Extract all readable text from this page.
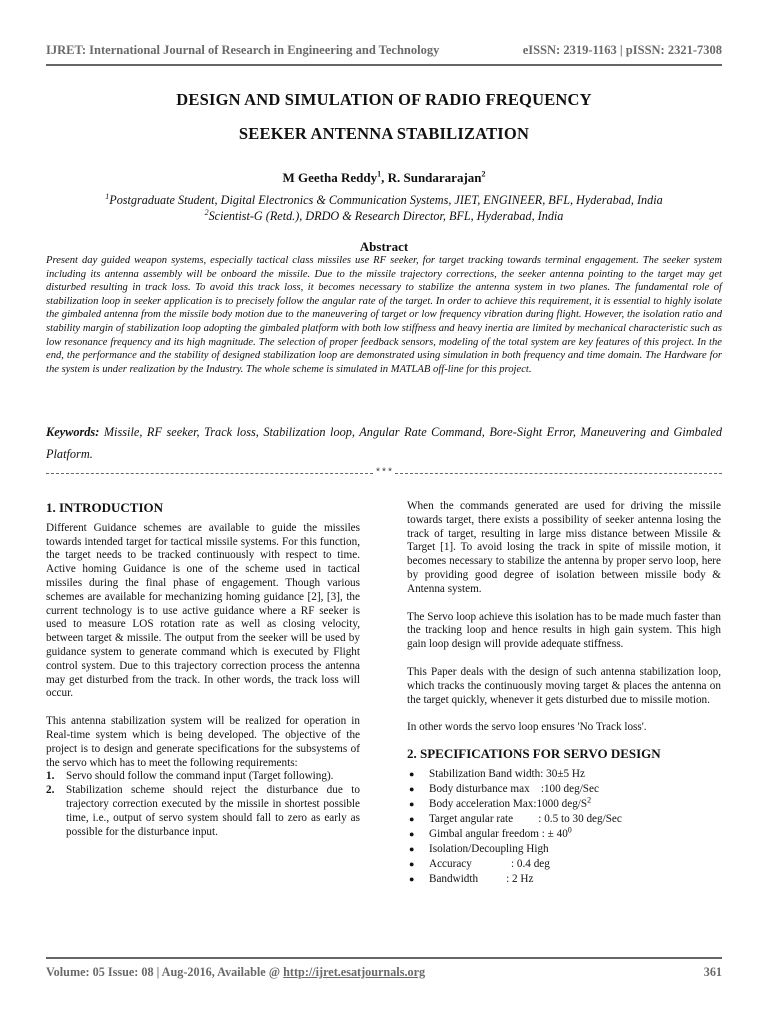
IJRET: International Journal of Research in Engineering and Technology	eISSN: 2319-1163 | pISSN: 2321-7308
DESIGN AND SIMULATION OF RADIO FREQUENCY
SEEKER ANTENNA STABILIZATION
M Geetha Reddy$^1$, R. Sundararajan$^2$
$^1$Postgraduate Student, Digital Electronics & Communication Systems, JIET, ENGINEER, BFL, Hyderabad, India
$^2$Scientist-G (Retd.), DRDO & Research Director, BFL, Hyderabad, India
Abstract

Present day guided weapon systems, especially tactical class missiles use RF seeker, for target tracking towards terminal engagement. The seeker system including its antenna assembly will be onboard the missile. Due to the missile trajectory corrections, the seeker antenna pointing to the target may get disturbed resulting in track loss. To avoid this track loss, it becomes necessary to stabilize the antenna system in two planes. The fundamental role of stabilization loop in seeker application is to precisely follow the angular rate of the target. In order to achieve this requirement, it is essential to highly isolate the gimbaled antenna from the missile body motion due to the maneuvering of target or low frequency vibration during flight. However, the isolation ratio and stability margin of stabilization loop adopting the gimbaled platform with both low stiffness and heavy inertia are limited by mechanical characteristic such as low resonance frequency and its high magnitude. The selection of proper feedback sensors, modeling of the total system are key features of this project. In the end, the performance and the stability of designed stabilization loop are demonstrated using simulation in both frequency and time domain. The Hardware for the system is under realization by the Industry. The whole scheme is simulated in MATLAB off-line for this project.

Keywords: Missile, RF seeker, Track loss, Stabilization loop, Angular Rate Command, Bore-Sight Error, Maneuvering and Gimbaled Platform.

***
1. INTRODUCTION

Different Guidance schemes are available to guide the missiles towards intended target for tactical missile systems. For this function, the target needs to be tracked continuously with respect to time. Active homing Guidance is one of the scheme used in tactical missiles during the final phase of engagement. Though various schemes are available for mechanizing homing guidance [2], [3], the current technology is to use active guidance where a RF seeker is used to measure LOS rotation rate as well as closing velocity, between target & missile. The output from the seeker will be used by guidance system to generate command which is executed by Flight control system. Due to this trajectory correction process the antenna may get disturbed from the track. In other words, the track loss will occur.

This antenna stabilization system will be realized for operation in Real-time system which is being developed. The objective of the project is to design and generate specifications for the subsystems of the servo which has to meet the following requirements:

1. Servo should follow the command input (Target following).
2. Stabilization scheme should reject the disturbance due to trajectory correction executed by the missile in shortest possible time, i.e., output of servo system should fall to zero as early as possible for the disturbance input.

When the commands generated are used for driving the missile towards target, there exists a possibility of seeker antenna losing the track of target, resulting in large miss distance between Missile & Target [1]. To avoid losing the track in spite of missile motion, it becomes necessary to stabilize the antenna by proper servo loop, here by providing good degree of isolation between missile body & Antenna system.

The Servo loop achieve this isolation has to be made much faster than the tracking loop and hence results in high gain system. This high gain loop design will provide adequate stiffness.

This Paper deals with the design of such antenna stabilization loop, which tracks the continuously moving target & places the antenna on the target quickly, whenever it gets disturbed due to missile motion.

In other words the servo loop ensures 'No Track loss'.

2. SPECIFICATIONS FOR SERVO DESIGN
● Stabilization Band width: 30±5 Hz
● Body disturbance max    :100 deg/Sec
● Body acceleration Max:1000 deg/$S^2$
● Target angular rate         : 0.5 to 30 deg/Sec
● Gimbal angular freedom : ± $40^0$
● Isolation/Decoupling High
● Accuracy              : 0.4 deg
● Bandwidth          : 2 Hz
Volume: 05 Issue: 08 | Aug-2016, Available @ http://ijret.esatjournals.org	361
